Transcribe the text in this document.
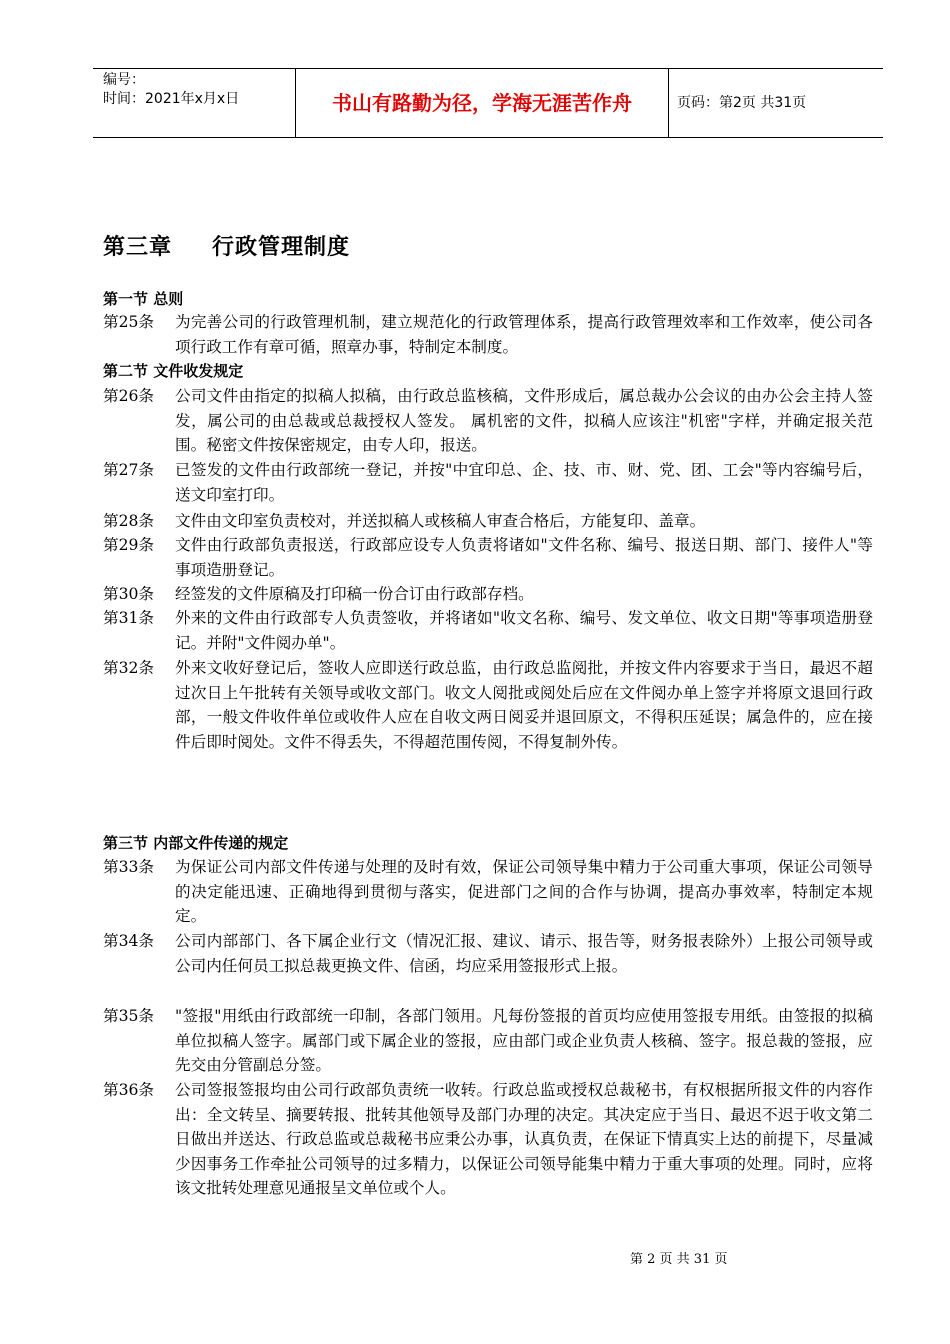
编号：
时间：2021年x月x日	书山有路勤为径，学海无涯苦作舟	页码：第2页 共31页
第三章 行政管理制度
第一节 总则
第25条 为完善公司的行政管理机制，建立规范化的行政管理体系，提高行政管理效率和工作效率，使公司各项行政工作有章可循，照章办事，特制定本制度。
第二节 文件收发规定
第26条 公司文件由指定的拟稿人拟稿，由行政总监核稿，文件形成后，属总裁办公会议的由办公会主持人签发，属公司的由总裁或总裁授权人签发。 属机密的文件，拟稿人应该注"机密"字样，并确定报关范围。秘密文件按保密规定，由专人印，报送。
第27条 已签发的文件由行政部统一登记，并按"中宜印总、企、技、市、财、党、团、工会"等内容编号后，送文印室打印。
第28条 文件由文印室负责校对，并送拟稿人或核稿人审查合格后，方能复印、盖章。
第29条 文件由行政部负责报送，行政部应设专人负责将诸如"文件名称、编号、报送日期、部门、接件人"等事项造册登记。
第30条 经签发的文件原稿及打印稿一份合订由行政部存档。
第31条 外来的文件由行政部专人负责签收，并将诸如"收文名称、编号、发文单位、收文日期"等事项造册登记。并附"文件阅办单"。
第32条 外来文收好登记后，签收人应即送行政总监，由行政总监阅批，并按文件内容要求于当日，最迟不超过次日上午批转有关领导或收文部门。收文人阅批或阅处后应在文件阅办单上签字并将原文退回行政部，一般文件收件单位或收件人应在自收文两日阅妥并退回原文，不得积压延误；属急件的，应在接件后即时阅处。文件不得丢失，不得超范围传阅，不得复制外传。
第三节 内部文件传递的规定
第33条 为保证公司内部文件传递与处理的及时有效，保证公司领导集中精力于公司重大事项，保证公司领导的决定能迅速、正确地得到贯彻与落实，促进部门之间的合作与协调，提高办事效率，特制定本规定。
第34条 公司内部部门、各下属企业行文（情况汇报、建议、请示、报告等，财务报表除外）上报公司领导或公司内任何员工拟总裁更换文件、信函，均应采用签报形式上报。
第35条 "签报"用纸由行政部统一印制，各部门领用。凡每份签报的首页均应使用签报专用纸。由签报的拟稿单位拟稿人签字。属部门或下属企业的签报，应由部门或企业负责人核稿、签字。报总裁的签报，应先交由分管副总分签。
第36条 公司签报签报均由公司行政部负责统一收转。行政总监或授权总裁秘书，有权根据所报文件的内容作出：全文转呈、摘要转报、批转其他领导及部门办理的决定。其决定应于当日、最迟不迟于收文第二日做出并送达、行政总监或总裁秘书应秉公办事，认真负责，在保证下情真实上达的前提下，尽量减少因事务工作牵扯公司领导的过多精力，以保证公司领导能集中精力于重大事项的处理。同时，应将该文批转处理意见通报呈文单位或个人。
第 2 页 共 31 页
